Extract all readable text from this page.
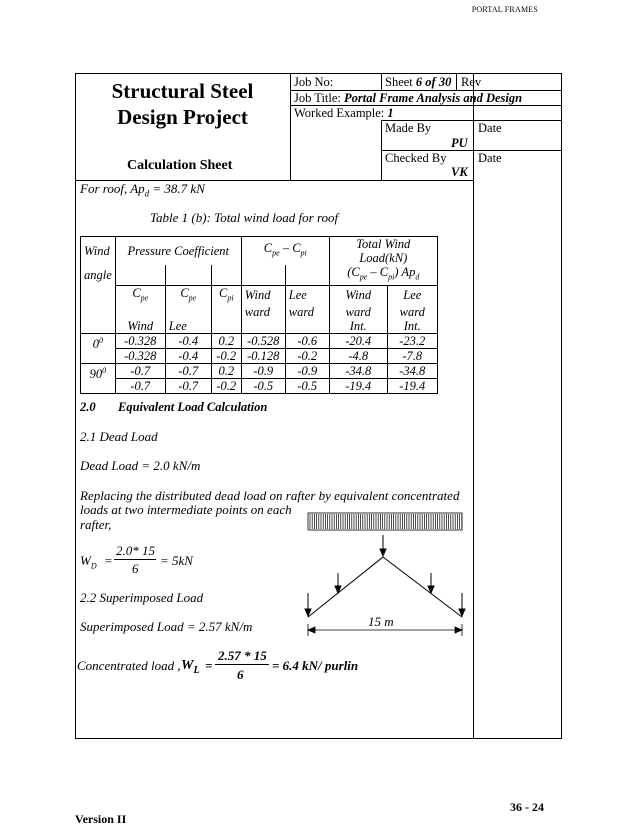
PORTAL FRAMES
Structural Steel
Design Project
Calculation Sheet
Job No:	Sheet 6 of 30 Rev
Job Title: Portal Frame Analysis and Design
Worked Example: 1
Made By
PU
Date
Checked By
VK
Date
For roof, $Ap_d = 38.7$ kN
Table 1 (b): Total wind load for roof
Wind	Pressure Coefficient			$C_{pe} - C_{pi}$		Total Wind Load(kN)	
angle						$(C_{pe} - C_{pi})$ $Ap_d$
	$C_{pe}$	$C_{pe}$	$C_{pi}$	Wind	Lee	Wind	Lee
				ward	ward	ward	ward
	Wind	Lee				Int.	Int.
$0^0$	-0.328	-0.4	0.2	-0.528	-0.6	-20.4	-23.2
	-0.328	-0.4	-0.2	-0.128	-0.2	-4.8	-7.8
$90^0$	-0.7	-0.7	0.2	-0.9	-0.9	-34.8	-34.8
	-0.7	-0.7	-0.2	-0.5	-0.5	-19.4	-19.4
2.0 Equivalent Load Calculation
2.1 Dead Load
Dead Load = 2.0 kN/m
Replacing the distributed dead load on rafter by equivalent concentrated
loads at two intermediate points on each
rafter,
$W_D$ =
2.0* 15
6
= 5kN
2.2 Superimposed Load
Superimposed Load = 2.57 kN/m
Concentrated load , $W_L$ =
2.57 * 15
6
= 6.4 kN/ purlin
15 m
36 - 24
Version II
